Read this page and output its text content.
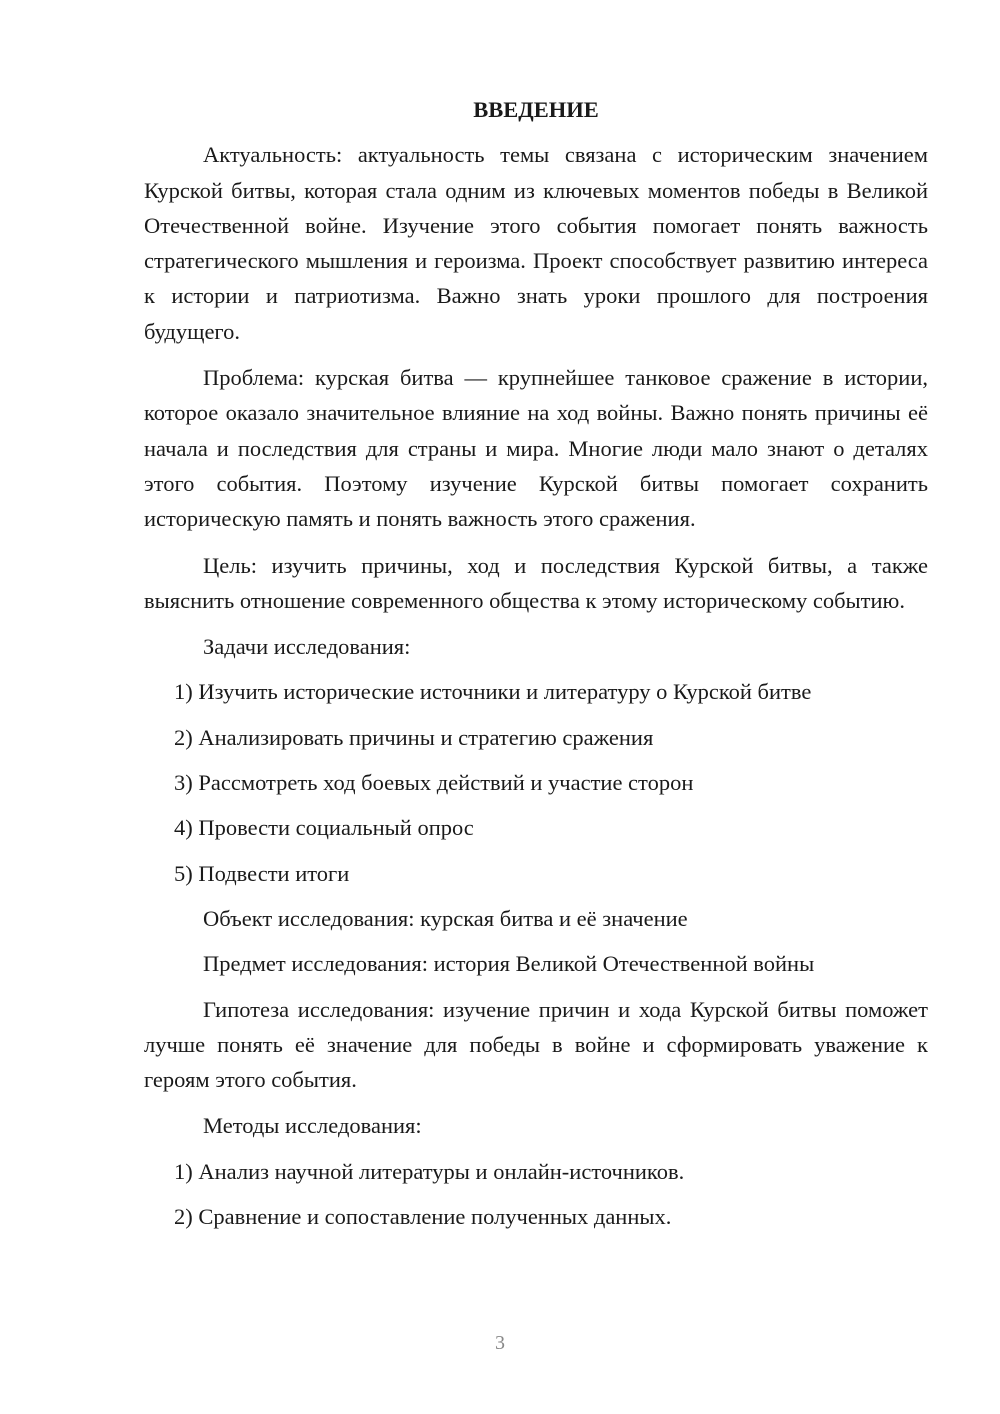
ВВЕДЕНИЕ

Актуальность: актуальность темы связана с историческим значением Курской битвы, которая стала одним из ключевых моментов победы в Великой Отечественной войне. Изучение этого события помогает понять важность стратегического мышления и героизма. Проект способствует развитию интереса к истории и патриотизма. Важно знать уроки прошлого для построения будущего.

Проблема: курская битва — крупнейшее танковое сражение в истории, которое оказало значительное влияние на ход войны. Важно понять причины её начала и последствия для страны и мира. Многие люди мало знают о деталях этого события. Поэтому изучение Курской битвы помогает сохранить историческую память и понять важность этого сражения.

Цель: изучить причины, ход и последствия Курской битвы, а также выяснить отношение современного общества к этому историческому событию.

Задачи исследования:
1) Изучить исторические источники и литературу о Курской битве
2) Анализировать причины и стратегию сражения
3) Рассмотреть ход боевых действий и участие сторон
4) Провести социальный опрос
5) Подвести итоги
Объект исследования: курская битва и её значение
Предмет исследования: история Великой Отечественной войны

Гипотеза исследования: изучение причин и хода Курской битвы поможет лучше понять её значение для победы в войне и сформировать уважение к героям этого события.

Методы исследования:
1) Анализ научной литературы и онлайн-источников.
2) Сравнение и сопоставление полученных данных.
3
